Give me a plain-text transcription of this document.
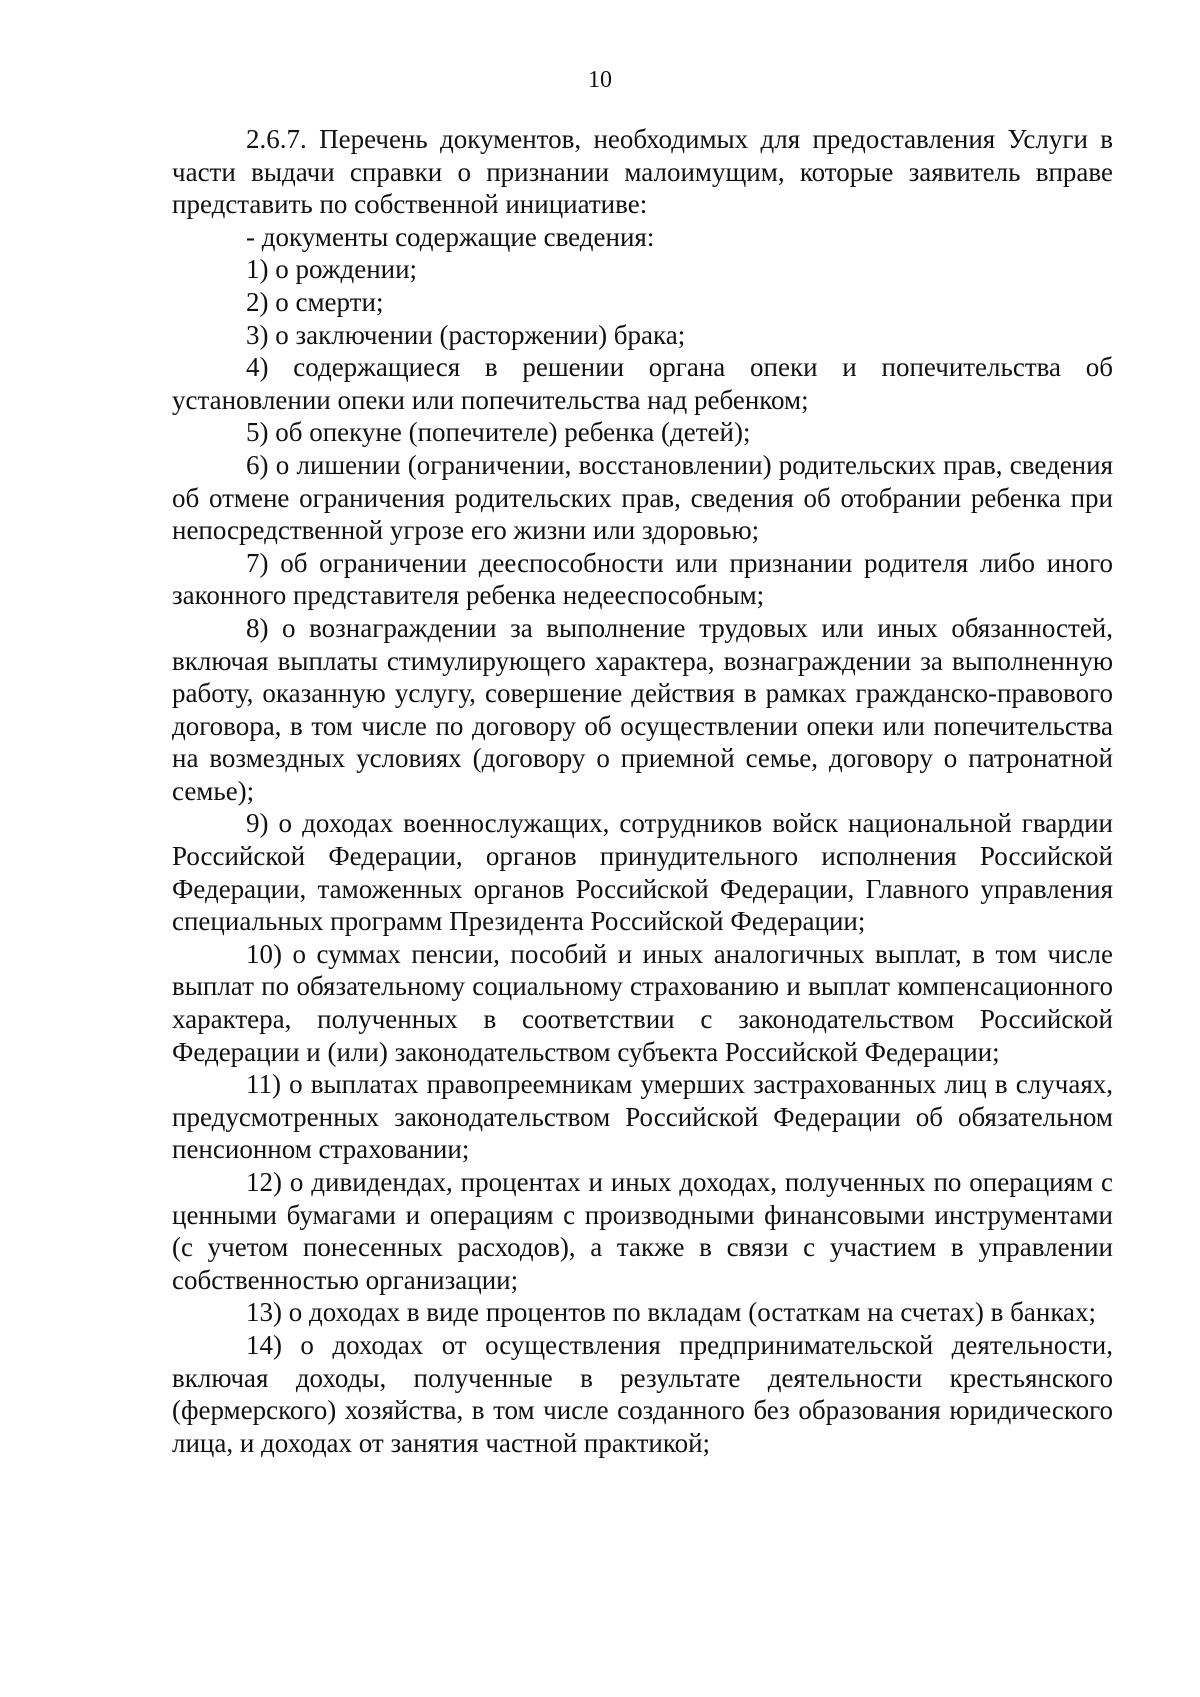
10

2.6.7. Перечень документов, необходимых для предоставления Услуги в части выдачи справки о признании малоимущим, которые заявитель вправе представить по собственной инициативе:

- документы содержащие сведения:

1) о рождении;

2) о смерти;

3) о заключении (расторжении) брака;

4) содержащиеся в решении органа опеки и попечительства об установлении опеки или попечительства над ребенком;

5) об опекуне (попечителе) ребенка (детей);

6) о лишении (ограничении, восстановлении) родительских прав, сведения об отмене ограничения родительских прав, сведения об отобрании ребенка при непосредственной угрозе его жизни или здоровью;

7) об ограничении дееспособности или признании родителя либо иного законного представителя ребенка недееспособным;

8) о вознаграждении за выполнение трудовых или иных обязанностей, включая выплаты стимулирующего характера, вознаграждении за выполненную работу, оказанную услугу, совершение действия в рамках гражданско-правового договора, в том числе по договору об осуществлении опеки или попечительства на возмездных условиях (договору о приемной семье, договору о патронатной семье);

9) о доходах военнослужащих, сотрудников войск национальной гвардии Российской Федерации, органов принудительного исполнения Российской Федерации, таможенных органов Российской Федерации, Главного управления специальных программ Президента Российской Федерации;

10) о суммах пенсии, пособий и иных аналогичных выплат, в том числе выплат по обязательному социальному страхованию и выплат компенсационного характера, полученных в соответствии с законодательством Российской Федерации и (или) законодательством субъекта Российской Федерации;

11) о выплатах правопреемникам умерших застрахованных лиц в случаях, предусмотренных законодательством Российской Федерации об обязательном пенсионном страховании;

12) о дивидендах, процентах и иных доходах, полученных по операциям с ценными бумагами и операциям с производными финансовыми инструментами (с учетом понесенных расходов), а также в связи с участием в управлении собственностью организации;

13) о доходах в виде процентов по вкладам (остаткам на счетах) в банках;

14) о доходах от осуществления предпринимательской деятельности, включая доходы, полученные в результате деятельности крестьянского (фермерского) хозяйства, в том числе созданного без образования юридического лица, и доходах от занятия частной практикой;
